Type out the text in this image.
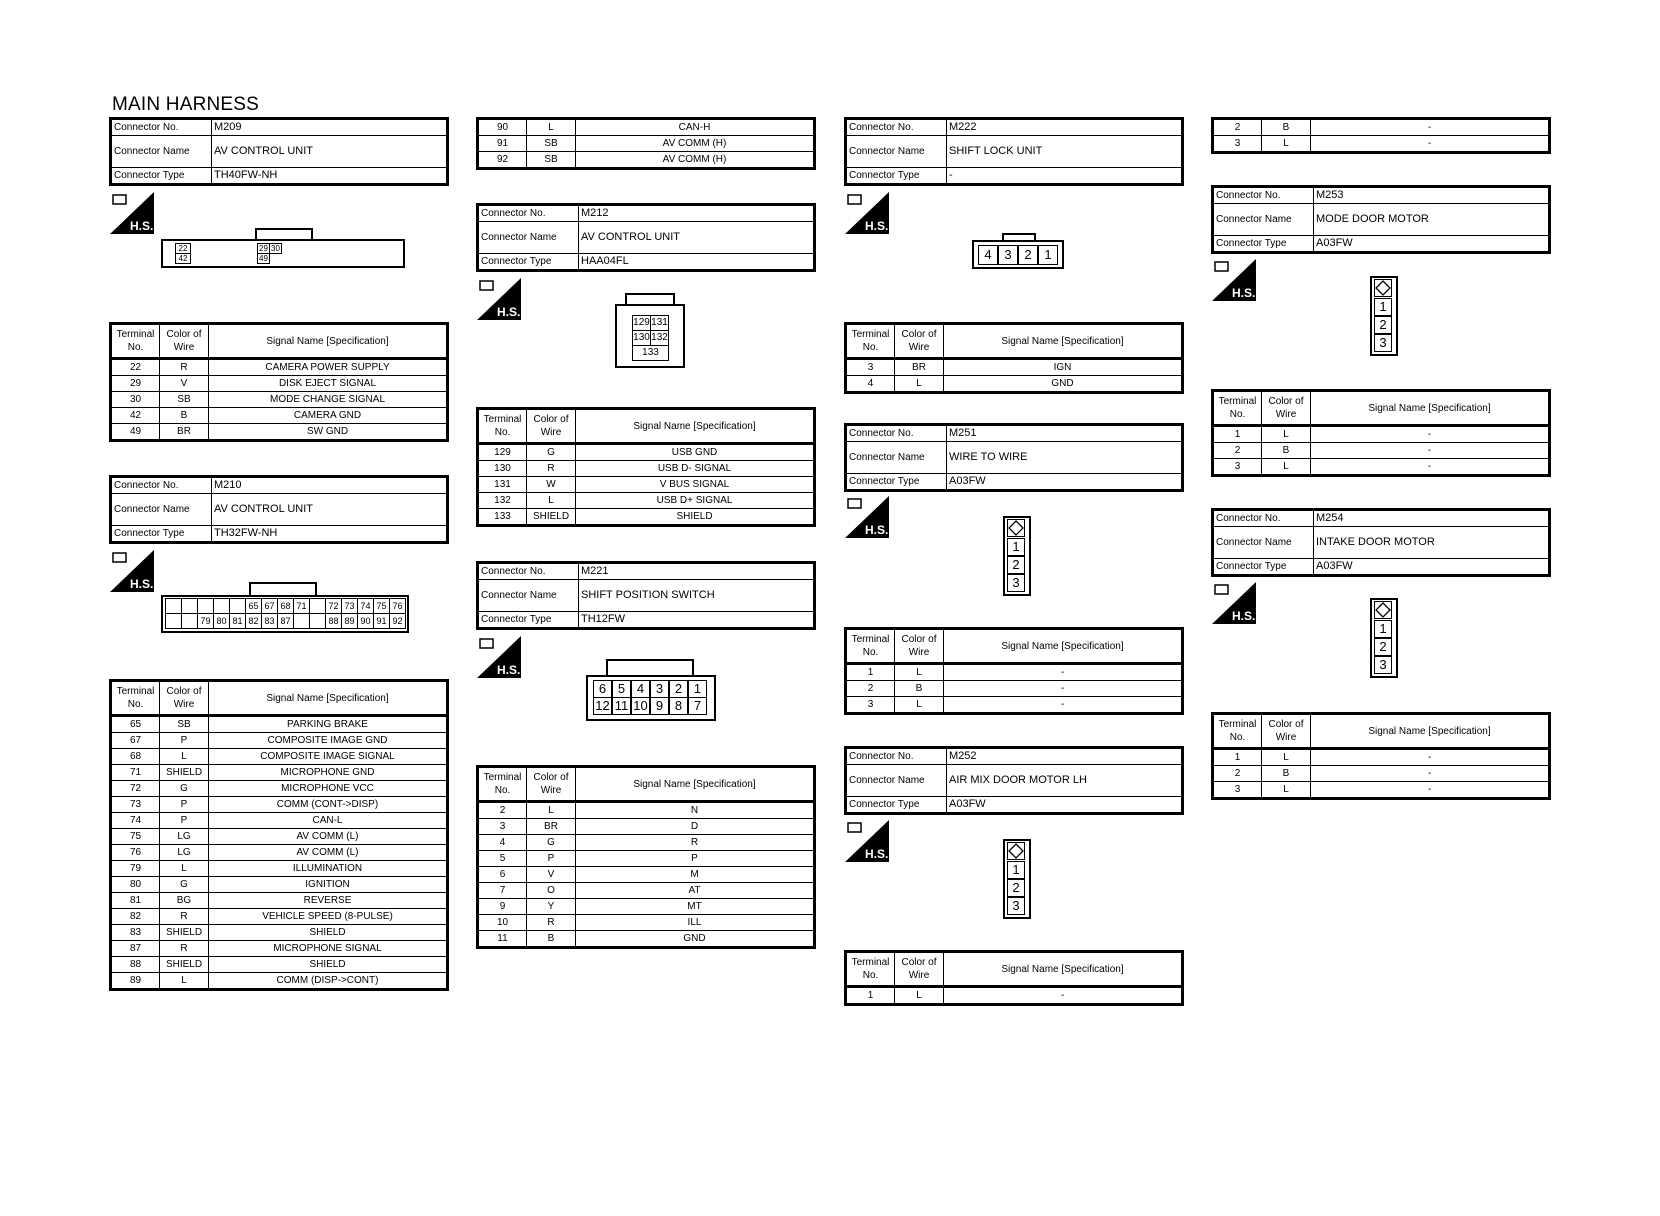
MAIN HARNESS
Connector No.	M209
Connector Name	AV CONTROL UNIT
Connector Type	TH40FW-NH
H.S.
22	29 30
42	49
Terminal No.	Color of Wire	Signal Name [Specification]
22	R	CAMERA POWER SUPPLY
29	V	DISK EJECT SIGNAL
30	SB	MODE CHANGE SIGNAL
42	B	CAMERA GND
49	BR	SW GND
Connector No.	M210
Connector Name	AV CONTROL UNIT
Connector Type	TH32FW-NH
H.S.
79 80 81
65
82
67
83
68
87
71	72
88
73
89
74
90
75
91
76
92
Terminal No.	Color of Wire	Signal Name [Specification]
65	SB	PARKING BRAKE
67	P	COMPOSITE IMAGE GND
68	L	COMPOSITE IMAGE SIGNAL
71	SHIELD	MICROPHONE GND
72	G	MICROPHONE VCC
73	P	COMM (CONT->DISP)
74	P	CAN-L
75	LG	AV COMM (L)
76	LG	AV COMM (L)
79	L	ILLUMINATION
80	G	IGNITION
81	BG	REVERSE
82	R	VEHICLE SPEED (8-PULSE)
83	SHIELD	SHIELD
87	R	MICROPHONE SIGNAL
88	SHIELD	SHIELD
89	L	COMM (DISP->CONT)
90	L	CAN-H
91	SB	AV COMM (H)
92	SB	AV COMM (H)
Connector No.	M212
Connector Name	AV CONTROL UNIT
Connector Type	HAA04FL
H.S.
129 131
130 132
133
Terminal No.	Color of Wire	Signal Name [Specification]
129	G	USB GND
130	R	USB D- SIGNAL
131	W	V BUS SIGNAL
132	L	USB D+ SIGNAL
133	SHIELD	SHIELD
Connector No.	M221
Connector Name	SHIFT POSITION SWITCH
Connector Type	TH12FW
H.S.
6 5 4 3 2 1
12 11 10 9 8 7
Terminal No.	Color of Wire	Signal Name [Specification]
2	L	N
3	BR	D
4	G	R
5	P	P
6	V	M
7	O	AT
9	Y	MT
10	R	ILL
11	B	GND
Connector No.	M222
Connector Name	SHIFT LOCK UNIT
Connector Type	-
H.S.
4 3 2 1
Terminal No.	Color of Wire	Signal Name [Specification]
3	BR	IGN
4	L	GND
Connector No.	M251
Connector Name	WIRE TO WIRE
Connector Type	A03FW
H.S.
1
2
3
Terminal No.	Color of Wire	Signal Name [Specification]
1	L	-
2	B	-
3	L	-
Connector No.	M252
Connector Name	AIR MIX DOOR MOTOR LH
Connector Type	A03FW
H.S.
1
2
3
Terminal No.	Color of Wire	Signal Name [Specification]
1	L	-
2	B	-
3	L	-
Connector No.	M253
Connector Name	MODE DOOR MOTOR
Connector Type	A03FW
H.S.
1
2
3
Terminal No.	Color of Wire	Signal Name [Specification]
1	L	-
2	B	-
3	L	-
Connector No.	M254
Connector Name	INTAKE DOOR MOTOR
Connector Type	A03FW
H.S.
1
2
3
Terminal No.	Color of Wire	Signal Name [Specification]
1	L	-
2	B	-
3	L	-
